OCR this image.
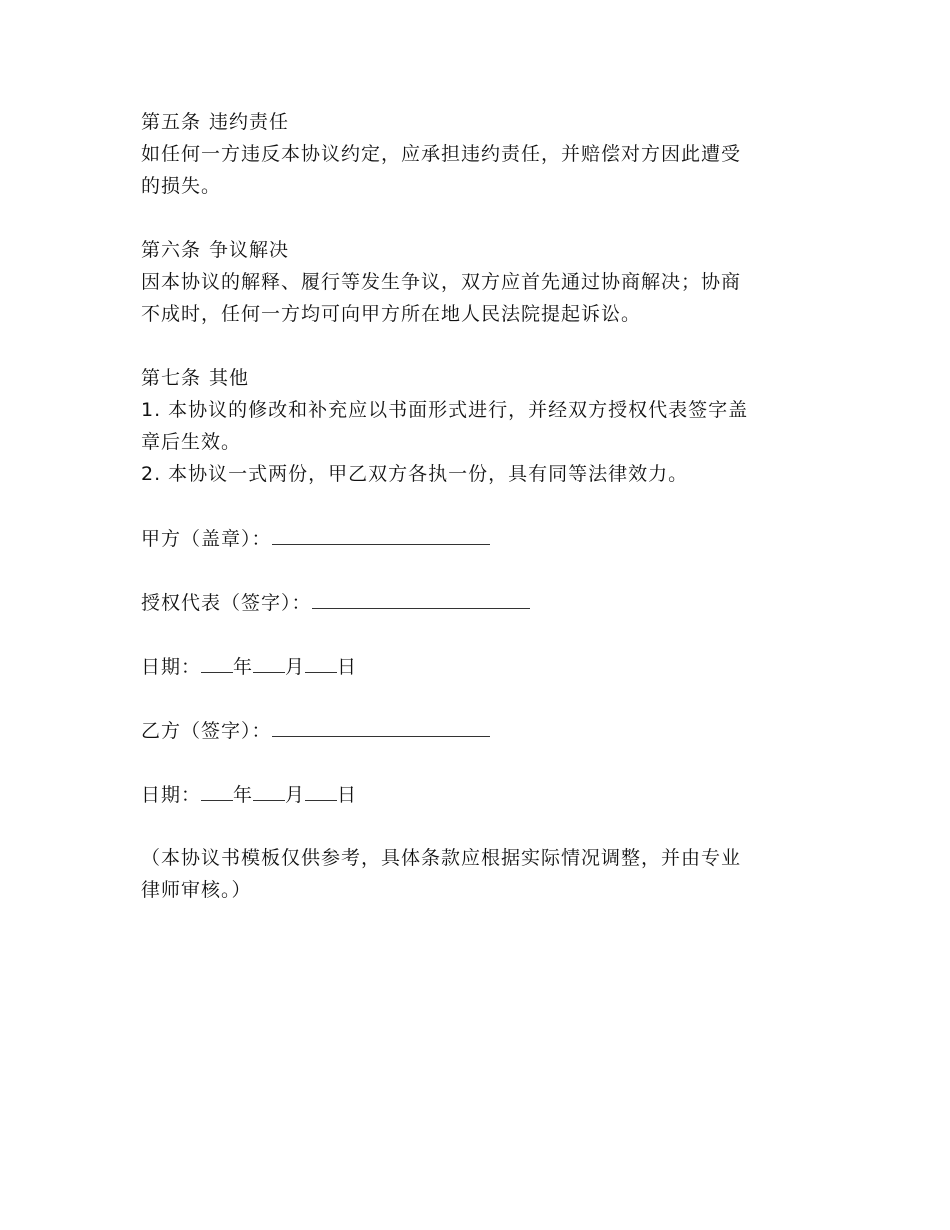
第五条 违约责任

如任何一方违反本协议约定，应承担违约责任，并赔偿对方因此遭受

的损失。

第六条 争议解决

因本协议的解释、履行等发生争议，双方应首先通过协商解决；协商

不成时，任何一方均可向甲方所在地人民法院提起诉讼。

第七条 其他

1. 本协议的修改和补充应以书面形式进行，并经双方授权代表签字盖

章后生效。

2. 本协议一式两份，甲乙双方各执一份，具有同等法律效力。

甲方（盖章）：
授权代表（签字）：
日期： 年 月 日
乙方（签字）：
日期： 年 月 日

（本协议书模板仅供参考，具体条款应根据实际情况调整，并由专业

律师审核。）
